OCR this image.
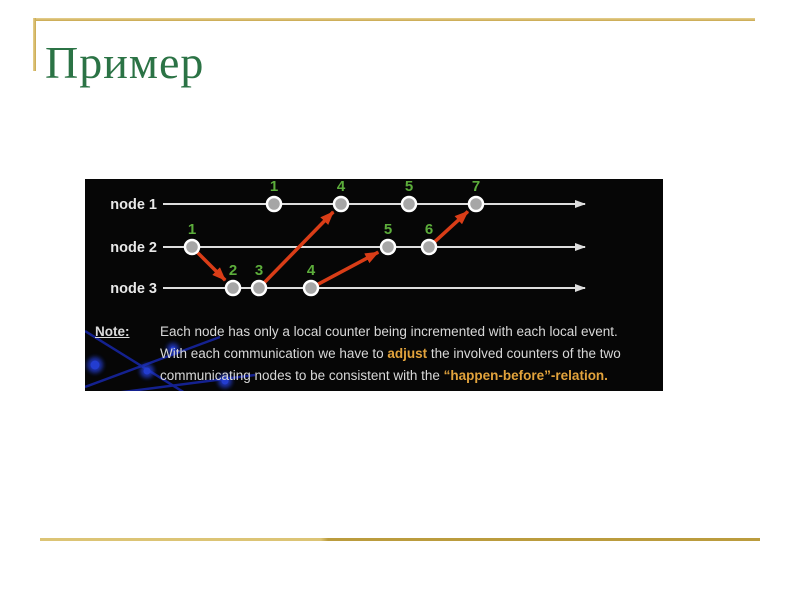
Пример
node 1
node 2
node 3
1	4	5	7
1	5 6
2 3	4
Note: Each node has only a local counter being incremented with each local event.
With each communication we have to adjust the involved counters of the two
communicating nodes to be consistent with the “happen-before”-relation.
